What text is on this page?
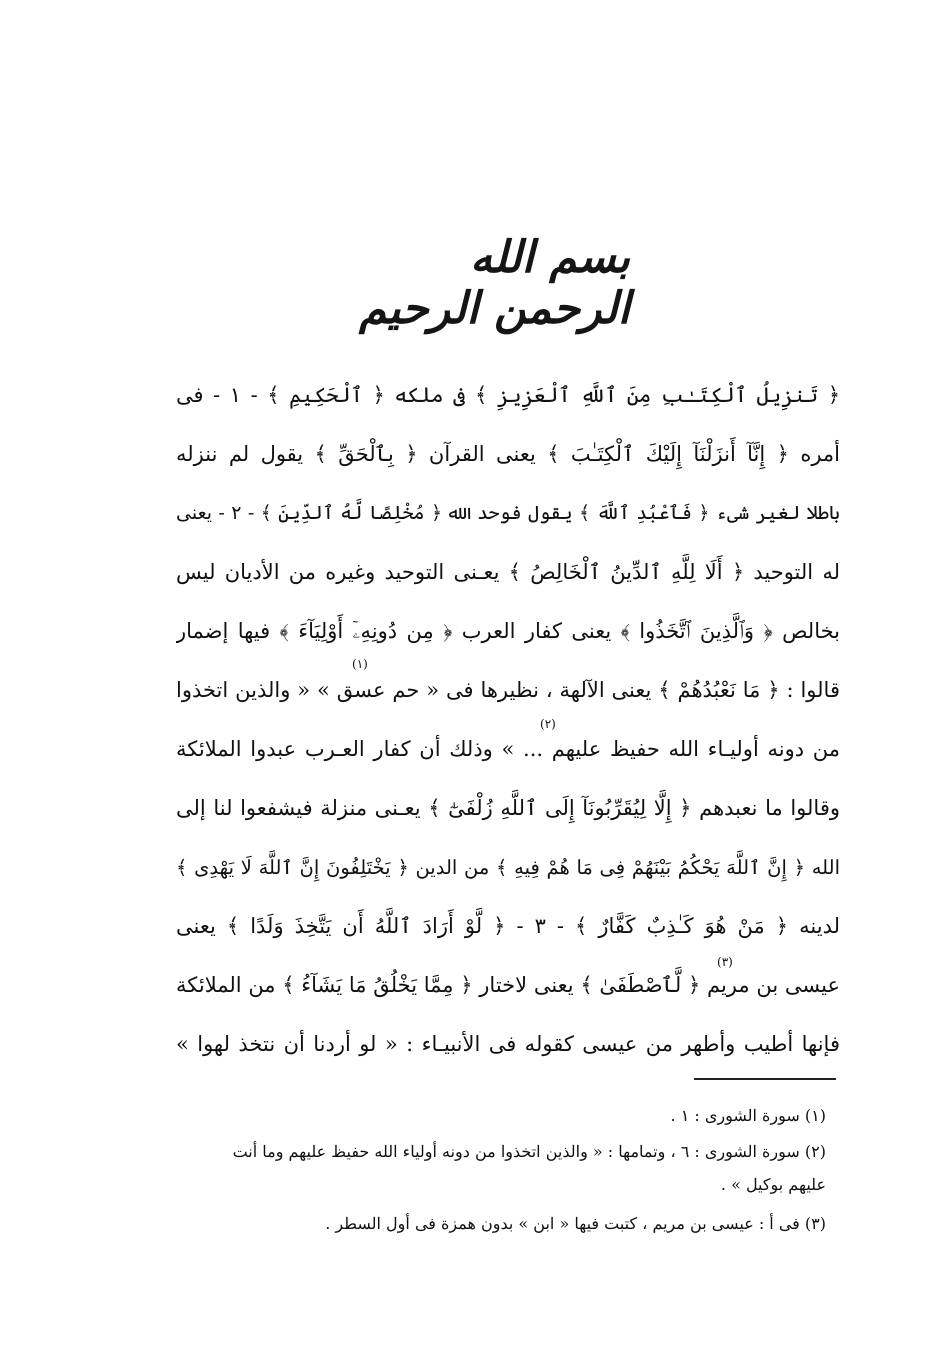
بسم الله الرحمن الرحيم
﴿ تَنزِيلُ ٱلْكِتَـٰبِ مِنَ ٱللَّهِ ٱلْعَزِيزِ ﴾ فى ملكه ﴿ ٱلْحَكِيمِ ﴾ - ١ - فى
أمره ﴿ إِنَّآ أَنزَلْنَآ إِلَيْكَ ٱلْكِتَـٰبَ ﴾ يعنى القرآن ﴿ بِٱلْحَقِّ ﴾ يقول لم ننزله
باطلا لغير شىء ﴿ فَٱعْبُدِ ٱللَّهَ ﴾ يقول فوحد الله ﴿ مُخْلِصًا لَّهُ ٱلدِّينَ ﴾ - ٢ - يعنى
له التوحيد ﴿ أَلَا لِلَّهِ ٱلدِّينُ ٱلْخَالِصُ ﴾ يعـنى التوحيد وغيره من الأديان ليس
بخالص ﴿ وَٱلَّذِينَ ٱتَّخَذُوا ﴾ يعنى كفار العرب ﴿ مِن دُونِهِۦٓ أَوْلِيَآءَ ﴾ فيها إضمار
قالوا : ﴿ مَا نَعْبُدُهُمْ ﴾ يعنى الآلهة ، نظيرها فى « حم عسق » « والذين اتخذوا
من دونه أوليـاء الله حفيظ عليهم ... » وذلك أن كفار العـرب عبدوا الملائكة
وقالوا ما نعبدهم ﴿ إِلَّا لِيُقَرِّبُونَآ إِلَى ٱللَّهِ زُلْفَىٰٓ ﴾ يعـنى منزلة فيشفعوا لنا إلى
الله ﴿ إِنَّ ٱللَّهَ يَحْكُمُ بَيْنَهُمْ فِى مَا هُمْ فِيهِ ﴾ من الدين ﴿ يَخْتَلِفُونَ إِنَّ ٱللَّهَ لَا يَهْدِى ﴾
لدينه ﴿ مَنْ هُوَ كَـٰذِبٌ كَفَّارٌ ﴾ - ٣ - ﴿ لَّوْ أَرَادَ ٱللَّهُ أَن يَتَّخِذَ وَلَدًا ﴾ يعنى
عيسى بن مريم ﴿ لَّٱصْطَفَىٰ ﴾ يعنى لاختار ﴿ مِمَّا يَخْلُقُ مَا يَشَآءُ ﴾ من الملائكة
فإنها أطيب وأطهر من عيسى كقوله فى الأنبيـاء : « لو أردنا أن نتخذ لهوا »
(١)
(٢)
(٣)
(١) سورة الشورى : ١ .
(٢) سورة الشورى : ٦ ، وتمامها : « والذين اتخذوا من دونه أولياء الله حفيظ عليهم وما أنت
عليهم بوكيل » .
(٣) فى أ : عيسى بن مريم ، كتبت فيها « ابن » بدون همزة فى أول السطر .
